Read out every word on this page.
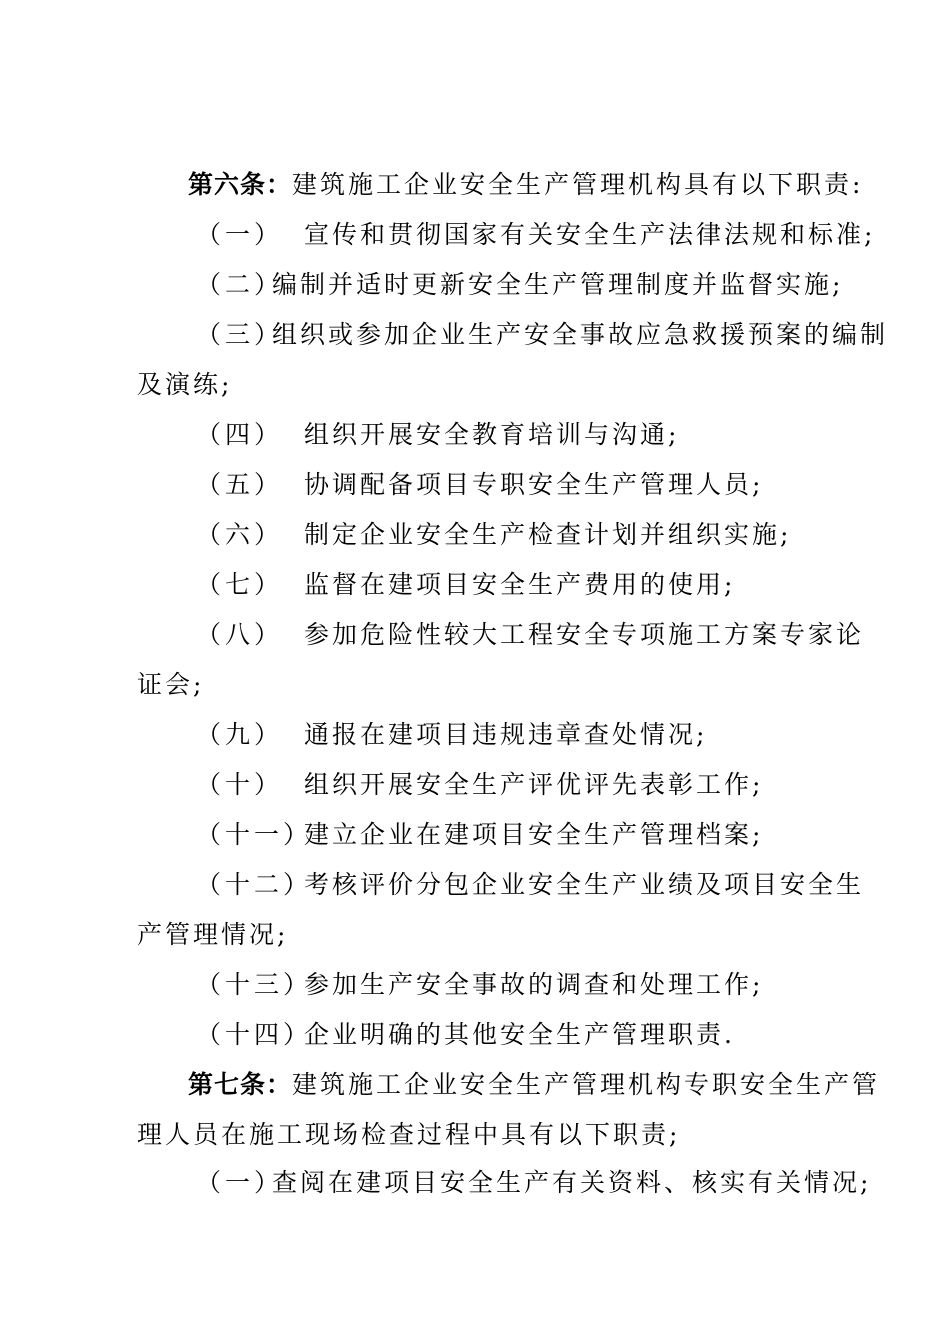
第六条：建筑施工企业安全生产管理机构具有以下职责:
（一） 宣传和贯彻国家有关安全生产法律法规和标准;
（二）编制并适时更新安全生产管理制度并监督实施;
（三）组织或参加企业生产安全事故应急救援预案的编制
及演练;
（四） 组织开展安全教育培训与沟通;
（五） 协调配备项目专职安全生产管理人员;
（六） 制定企业安全生产检查计划并组织实施;
（七） 监督在建项目安全生产费用的使用;
（八） 参加危险性较大工程安全专项施工方案专家论
证会;
（九） 通报在建项目违规违章查处情况;
（十） 组织开展安全生产评优评先表彰工作;
（十一）建立企业在建项目安全生产管理档案;
（十二）考核评价分包企业安全生产业绩及项目安全生
产管理情况;
（十三）参加生产安全事故的调查和处理工作;
（十四）企业明确的其他安全生产管理职责.
第七条：建筑施工企业安全生产管理机构专职安全生产管
理人员在施工现场检查过程中具有以下职责;
（一）查阅在建项目安全生产有关资料、核实有关情况;
